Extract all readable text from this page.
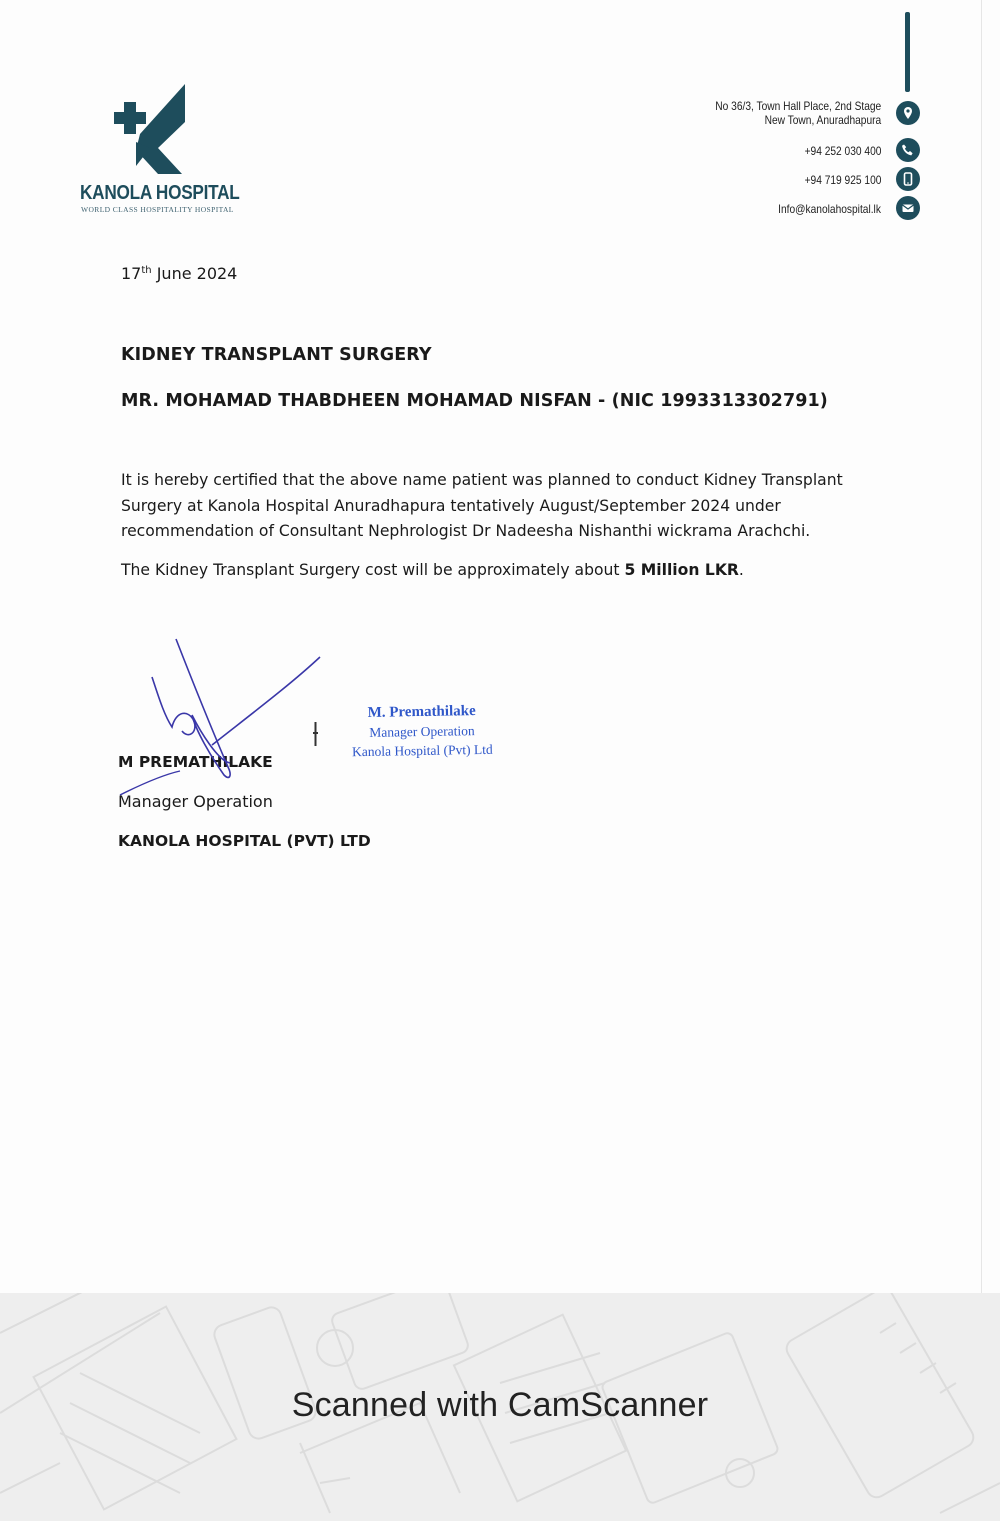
KANOLA HOSPITAL
WORLD CLASS HOSPITALITY HOSPITAL
No 36/3, Town Hall Place, 2nd Stage
New Town, Anuradhapura
+94 252 030 400
+94 719 925 100
Info@kanolahospital.lk
17th June 2024
KIDNEY TRANSPLANT SURGERY
MR. MOHAMAD THABDHEEN MOHAMAD NISFAN - (NIC 1993313302791)
It is hereby certified that the above name patient was planned to conduct Kidney Transplant Surgery at Kanola Hospital Anuradhapura tentatively August/September 2024 under recommendation of Consultant Nephrologist Dr Nadeesha Nishanthi wickrama Arachchi.
The Kidney Transplant Surgery cost will be approximately about 5 Million LKR.
M PREMATHILAKE
Manager Operation
KANOLA HOSPITAL (PVT) LTD
M. Premathilake
Manager Operation
Kanola Hospital (Pvt) Ltd
Scanned with CamScanner
